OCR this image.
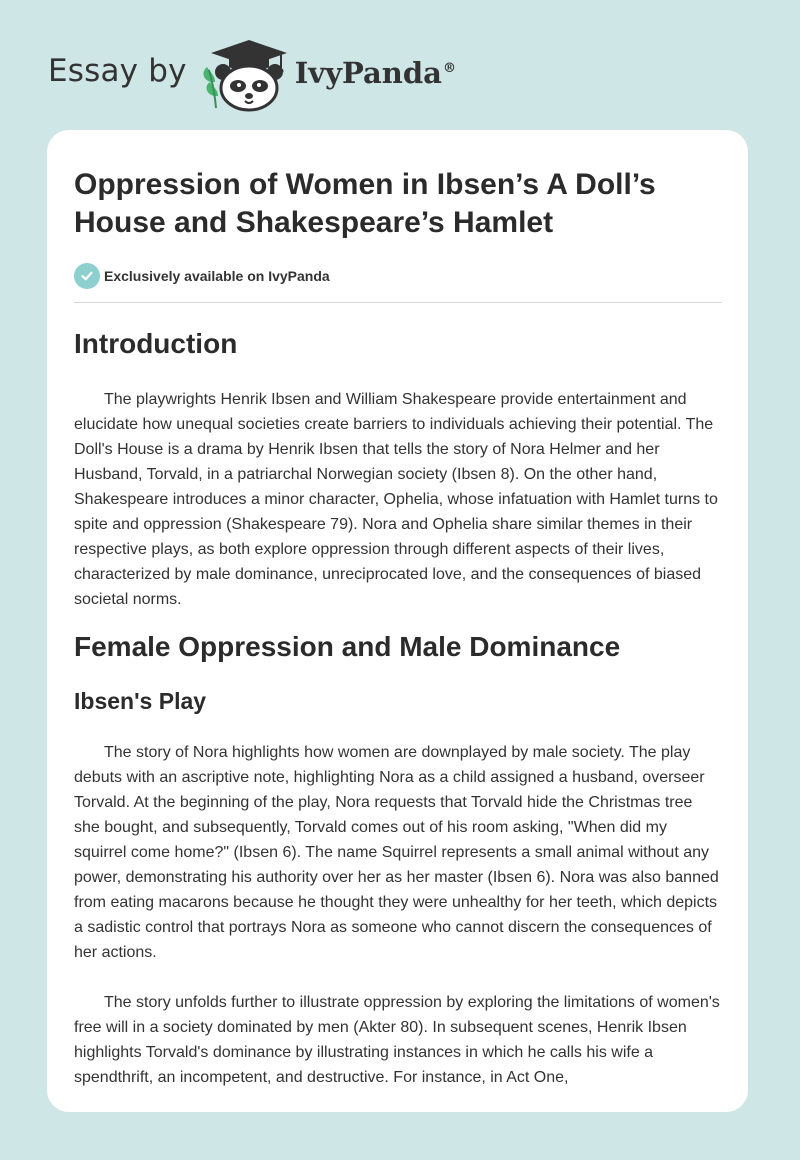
Essay by	IvyPanda®
Oppression of Women in Ibsen’s A Doll’s House and Shakespeare’s Hamlet
Exclusively available on IvyPanda
Introduction

The playwrights Henrik Ibsen and William Shakespeare provide entertainment and elucidate how unequal societies create barriers to individuals achieving their potential. The Doll's House is a drama by Henrik Ibsen that tells the story of Nora Helmer and her Husband, Torvald, in a patriarchal Norwegian society (Ibsen 8). On the other hand, Shakespeare introduces a minor character, Ophelia, whose infatuation with Hamlet turns to spite and oppression (Shakespeare 79). Nora and Ophelia share similar themes in their respective plays, as both explore oppression through different aspects of their lives, characterized by male dominance, unreciprocated love, and the consequences of biased societal norms.

Female Oppression and Male Dominance
Ibsen's Play

The story of Nora highlights how women are downplayed by male society. The play debuts with an ascriptive note, highlighting Nora as a child assigned a husband, overseer Torvald. At the beginning of the play, Nora requests that Torvald hide the Christmas tree she bought, and subsequently, Torvald comes out of his room asking, "When did my squirrel come home?" (Ibsen 6). The name Squirrel represents a small animal without any power, demonstrating his authority over her as her master (Ibsen 6). Nora was also banned from eating macarons because he thought they were unhealthy for her teeth, which depicts a sadistic control that portrays Nora as someone who cannot discern the consequences of her actions.

The story unfolds further to illustrate oppression by exploring the limitations of women's free will in a society dominated by men (Akter 80). In subsequent scenes, Henrik Ibsen highlights Torvald's dominance by illustrating instances in which he calls his wife a spendthrift, an incompetent, and destructive. For instance, in Act One,
